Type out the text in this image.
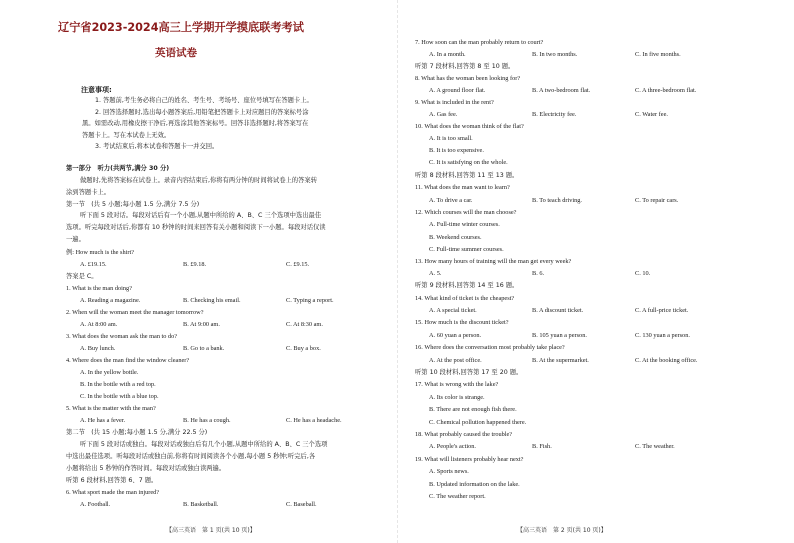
辽宁省2023-2024高三上学期开学摸底联考考试
英语试卷
注意事项:
1. 答题前,考生务必将自己的姓名、考生号、考场号、座位号填写在答题卡上。
2. 回答选择题时,选出每小题答案后,用铅笔把答题卡上对应题目的答案标号涂
黑。如需改动,用橡皮擦干净后,再选涂其他答案标号。回答非选择题时,将答案写在
答题卡上。写在本试卷上无效。
3. 考试结束后,将本试卷和答题卡一并交回。
第一部分　听力(共两节,满分 30 分)
做题时,先将答案标在试卷上。录音内容结束后,你将有两分钟的时间将试卷上的答案转
涂到答题卡上。
第一节　(共 5 小题;每小题 1.5 分,满分 7.5 分)
听下面 5 段对话。每段对话后有一个小题,从题中所给的 A、B、C 三个选项中选出最佳
选项。听完每段对话后,你都有 10 秒钟的时间来回答有关小题和阅读下一小题。每段对话仅读
一遍。
例: How much is the shirt?
A. £19.15.	B. £9.18.	C. £9.15.
答案是 C。
1. What is the man doing?
A. Reading a magazine.	B. Checking his email.	C. Typing a report.
2. When will the woman meet the manager tomorrow?
A. At 8:00 am.	B. At 9:00 am.	C. At 8:30 am.
3. What does the woman ask the man to do?
A. Buy lunch.	B. Go to a bank.	C. Buy a box.
4. Where does the man find the window cleaner?
A. In the yellow bottle.
B. In the bottle with a red top.
C. In the bottle with a blue top.
5. What is the matter with the man?
A. He has a fever.	B. He has a cough.	C. He has a headache.
第二节　(共 15 小题;每小题 1.5 分,满分 22.5 分)
听下面 5 段对话或独白。每段对话或独白后有几个小题,从题中所给的 A、B、C 三个选项
中选出最佳选项。听每段对话或独白前,你将有时间阅读各个小题,每小题 5 秒钟;听完后,各
小题将给出 5 秒钟的作答时间。每段对话或独白读两遍。
听第 6 段材料,回答第 6、7 题。
6. What sport made the man injured?
A. Football.	B. Basketball.	C. Baseball.
【高三英语　第 1 页(共 10 页)】
7. How soon can the man probably return to court?
A. In a month.	B. In two months.	C. In five months.
听第 7 段材料,回答第 8 至 10 题。
8. What has the woman been looking for?
A. A ground floor flat.	B. A two-bedroom flat.	C. A three-bedroom flat.
9. What is included in the rent?
A. Gas fee.	B. Electricity fee.	C. Water fee.
10. What does the woman think of the flat?
A. It is too small.
B. It is too expensive.
C. It is satisfying on the whole.
听第 8 段材料,回答第 11 至 13 题。
11. What does the man want to learn?
A. To drive a car.	B. To teach driving.	C. To repair cars.
12. Which courses will the man choose?
A. Full-time winter courses.
B. Weekend courses.
C. Full-time summer courses.
13. How many hours of training will the man get every week?
A. 5.	B. 6.	C. 10.
听第 9 段材料,回答第 14 至 16 题。
14. What kind of ticket is the cheapest?
A. A special ticket.	B. A discount ticket.	C. A full-price ticket.
15. How much is the discount ticket?
A. 60 yuan a person.	B. 105 yuan a person.	C. 130 yuan a person.
16. Where does the conversation most probably take place?
A. At the post office.	B. At the supermarket.	C. At the booking office.
听第 10 段材料,回答第 17 至 20 题。
17. What is wrong with the lake?
A. Its color is strange.
B. There are not enough fish there.
C. Chemical pollution happened there.
18. What probably caused the trouble?
A. People's action.	B. Fish.	C. The weather.
19. What will listeners probably hear next?
A. Sports news.
B. Updated information on the lake.
C. The weather report.
【高三英语　第 2 页(共 10 页)】
